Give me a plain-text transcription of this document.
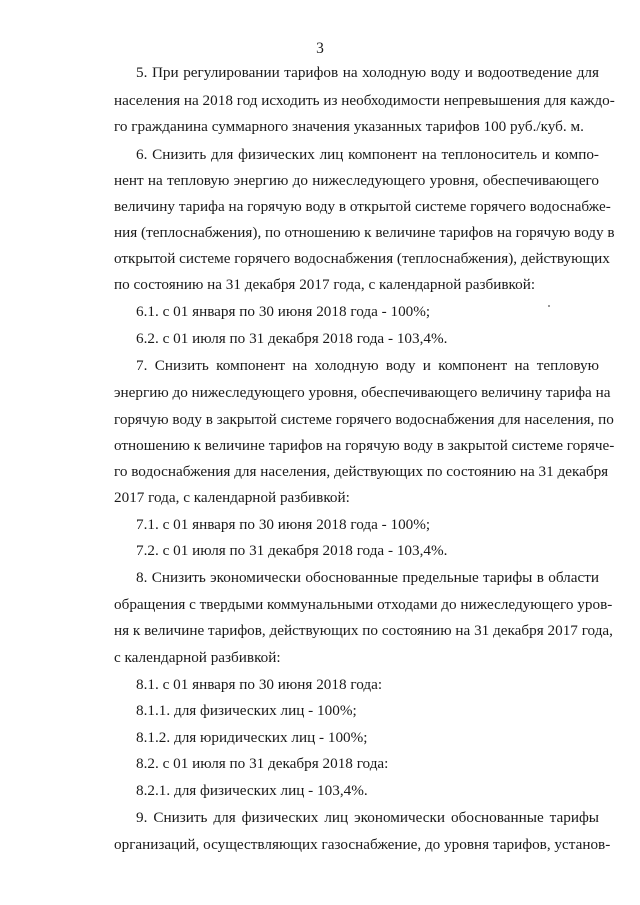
3
5. При регулировании тарифов на холодную воду и водоотведение для
населения на 2018 год исходить из необходимости непревышения для каждо-
го гражданина суммарного значения указанных тарифов 100 руб./куб. м.
6. Снизить для физических лиц компонент на теплоноситель и компо-
нент на тепловую энергию до нижеследующего уровня, обеспечивающего
величину тарифа на горячую воду в открытой системе горячего водоснабже-
ния (теплоснабжения), по отношению к величине тарифов на горячую воду в
открытой системе горячего водоснабжения (теплоснабжения), действующих
по состоянию на 31 декабря 2017 года, с календарной разбивкой:
6.1. с 01 января по 30 июня 2018 года - 100%;
6.2. с 01 июля по 31 декабря 2018 года - 103,4%.
7. Снизить компонент на холодную воду и компонент на тепловую
энергию до нижеследующего уровня, обеспечивающего величину тарифа на
горячую воду в закрытой системе горячего водоснабжения для населения, по
отношению к величине тарифов на горячую воду в закрытой системе горяче-
го водоснабжения для населения, действующих по состоянию на 31 декабря
2017 года, с календарной разбивкой:
7.1. с 01 января по 30 июня 2018 года - 100%;
7.2. с 01 июля по 31 декабря 2018 года - 103,4%.
8. Снизить экономически обоснованные предельные тарифы в области
обращения с твердыми коммунальными отходами до нижеследующего уров-
ня к величине тарифов, действующих по состоянию на 31 декабря 2017 года,
с календарной разбивкой:
8.1. с 01 января по 30 июня 2018 года:
8.1.1. для физических лиц - 100%;
8.1.2. для юридических лиц - 100%;
8.2. с 01 июля по 31 декабря 2018 года:
8.2.1. для физических лиц - 103,4%.
9. Снизить для физических лиц экономически обоснованные тарифы
организаций, осуществляющих газоснабжение, до уровня тарифов, установ-
